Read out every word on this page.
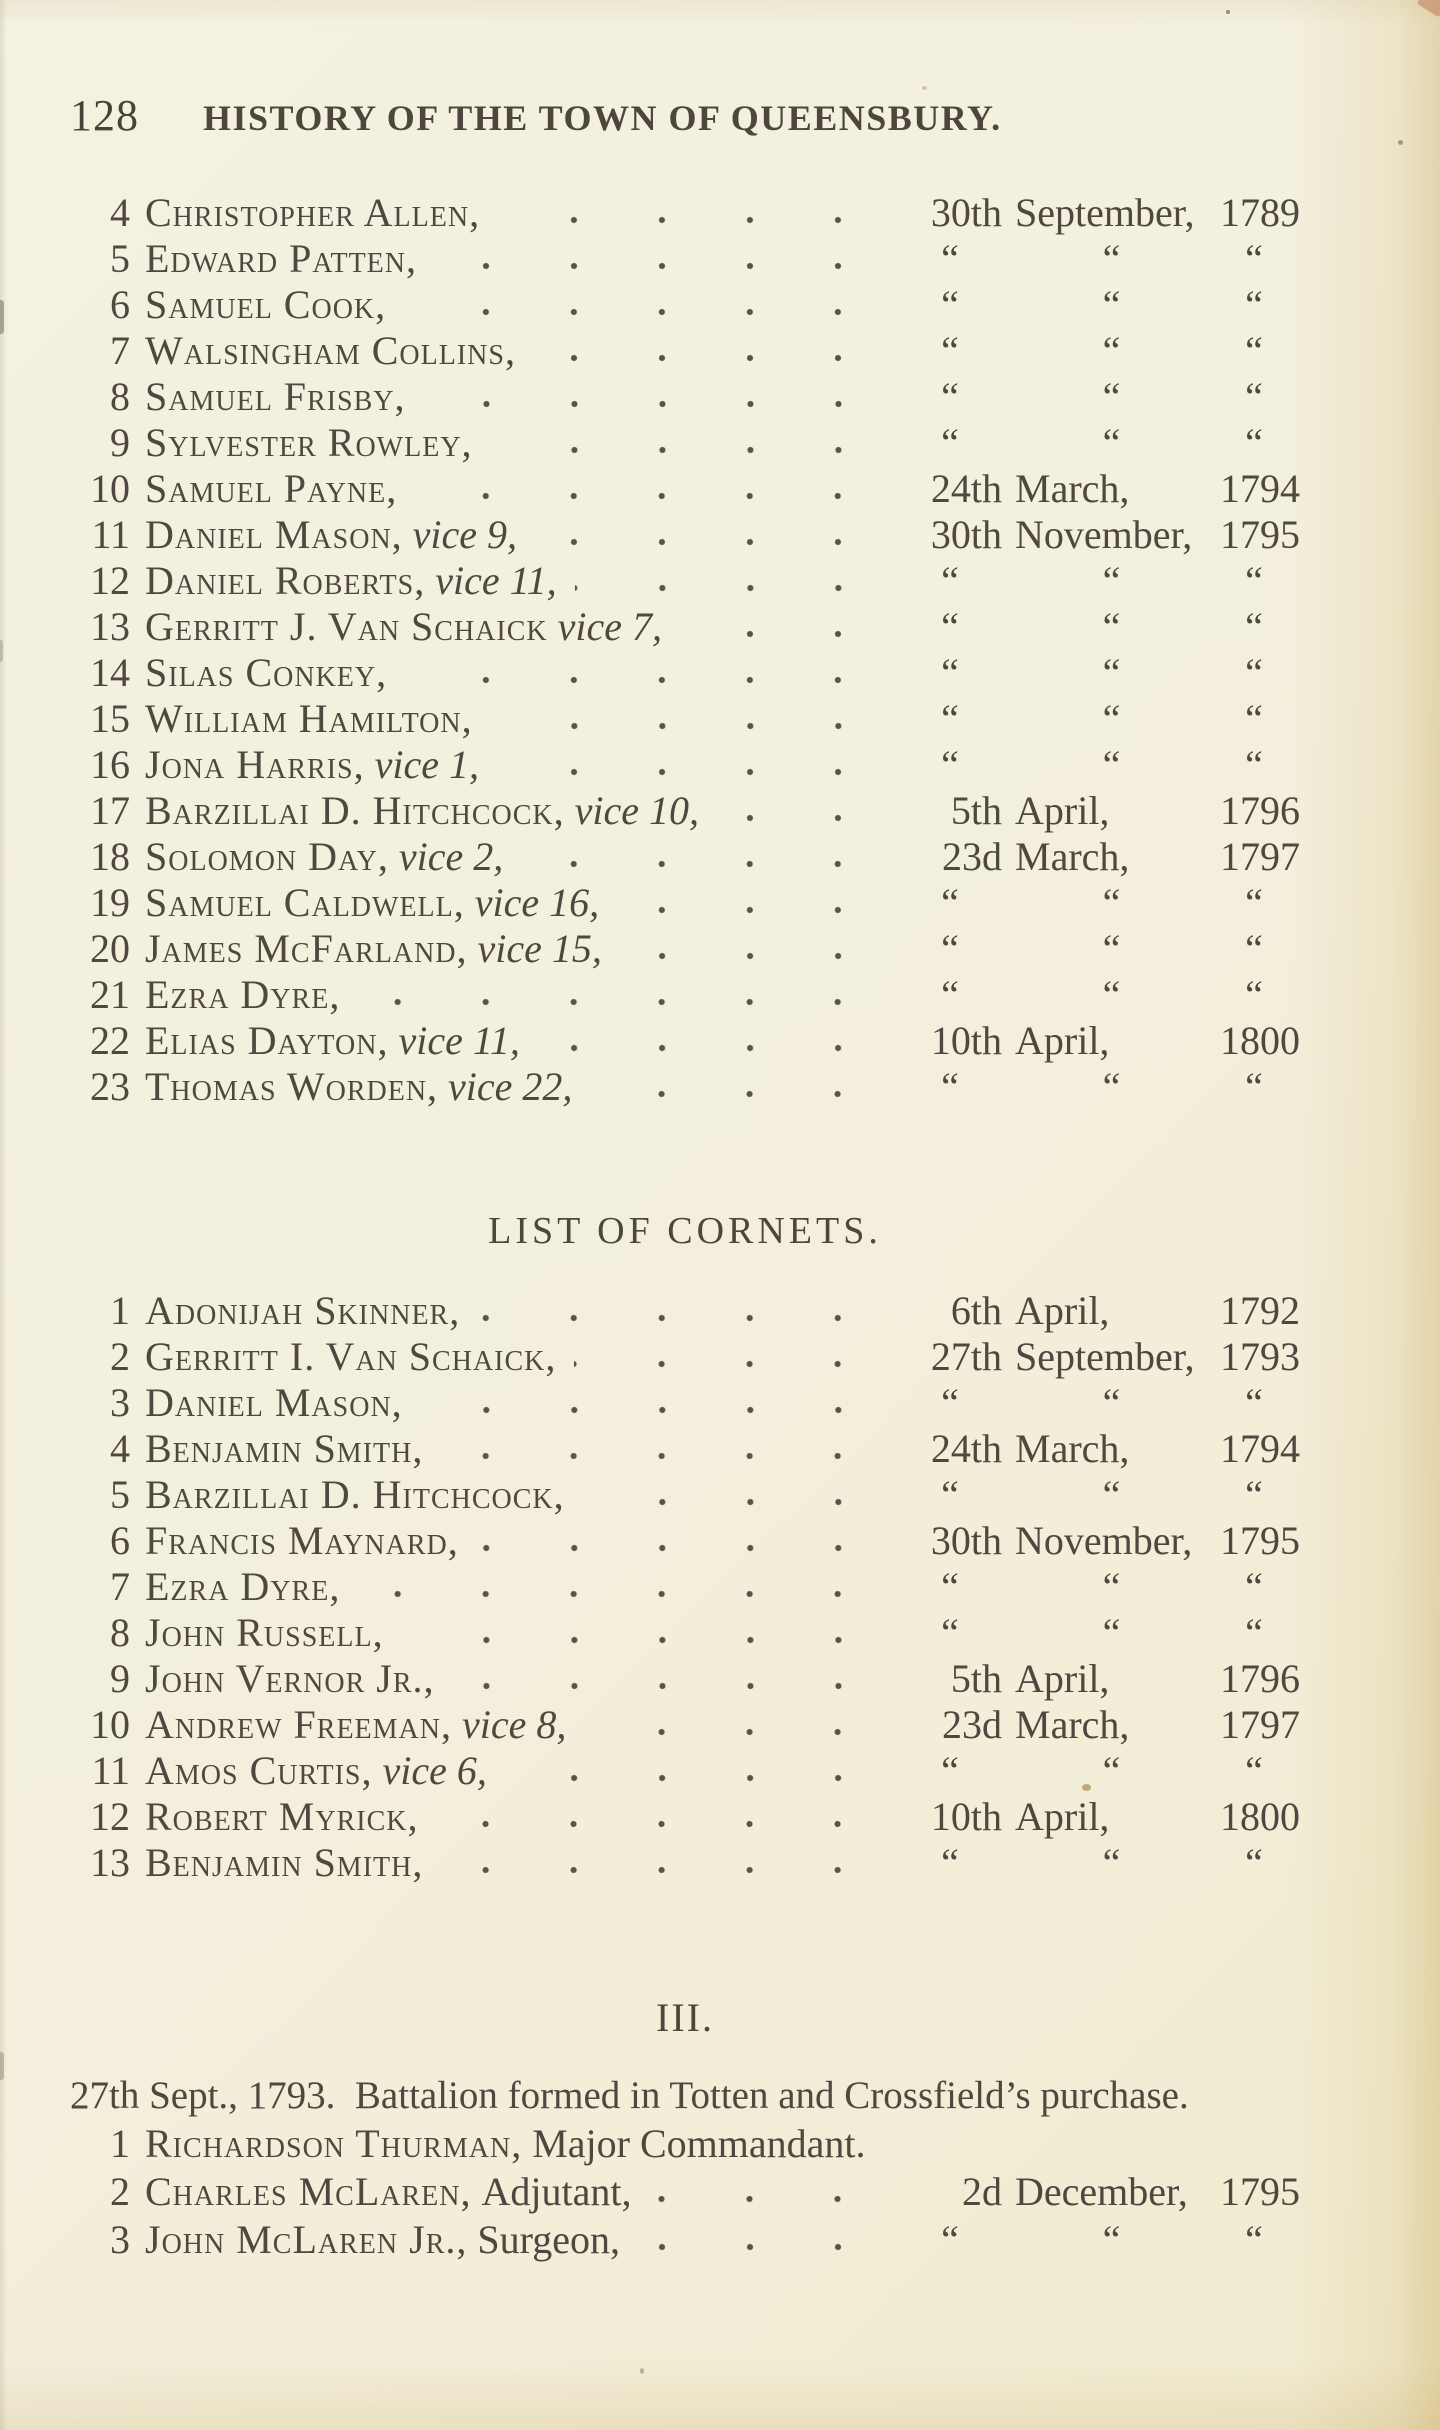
128 HISTORY OF THE TOWN OF QUEENSBURY.
4 Christopher Allen,	30th September, 1789
5 Edward Patten,	“	“	“
6 Samuel Cook,	“	“	“
7 Walsingham Collins,	“	“	“
8 Samuel Frisby,	“	“	“
9 Sylvester Rowley,	“	“	“
10 Samuel Payne,	24th March,	1794
11 Daniel Mason, vice 9,	30th November, 1795
12 Daniel Roberts, vice 11,	“	“	“
13 Gerritt J. Van Schaick vice 7,	“	“	“
14 Silas Conkey,	“	“	“
15 William Hamilton,	“	“	“
16 Jona Harris, vice 1,	“	“	“
17 Barzillai D. Hitchcock, vice 10,	5th April,	1796
18 Solomon Day, vice 2,	23d March,	1797
19 Samuel Caldwell, vice 16,	“	“	“
20 James McFarland, vice 15,	“	“	“
21 Ezra Dyre,	“	“	“
22 Elias Dayton, vice 11,	10th April,	1800
23 Thomas Worden, vice 22,	“	“	“
LIST OF CORNETS.
1 Adonijah Skinner,	6th April,	1792
2 Gerritt I. Van Schaick,	27th September, 1793
3 Daniel Mason,	“	“	“
4 Benjamin Smith,	24th March,	1794
5 Barzillai D. Hitchcock,	“	“	“
6 Francis Maynard,	30th November, 1795
7 Ezra Dyre,	“	“	“
8 John Russell,	“	“	“
9 John Vernor Jr.,	5th April,	1796
10 Andrew Freeman, vice 8,	23d March,	1797
11 Amos Curtis, vice 6,	“	“	“
12 Robert Myrick,	10th April,	1800
13 Benjamin Smith,	“	“	“
III.
27th Sept., 1793.  Battalion formed in Totten and Crossfield’s purchase.
1 Richardson Thurman, Major Commandant.
2 Charles McLaren, Adjutant,	2d December, 1795
3 John McLaren Jr., Surgeon,	“	“	“
